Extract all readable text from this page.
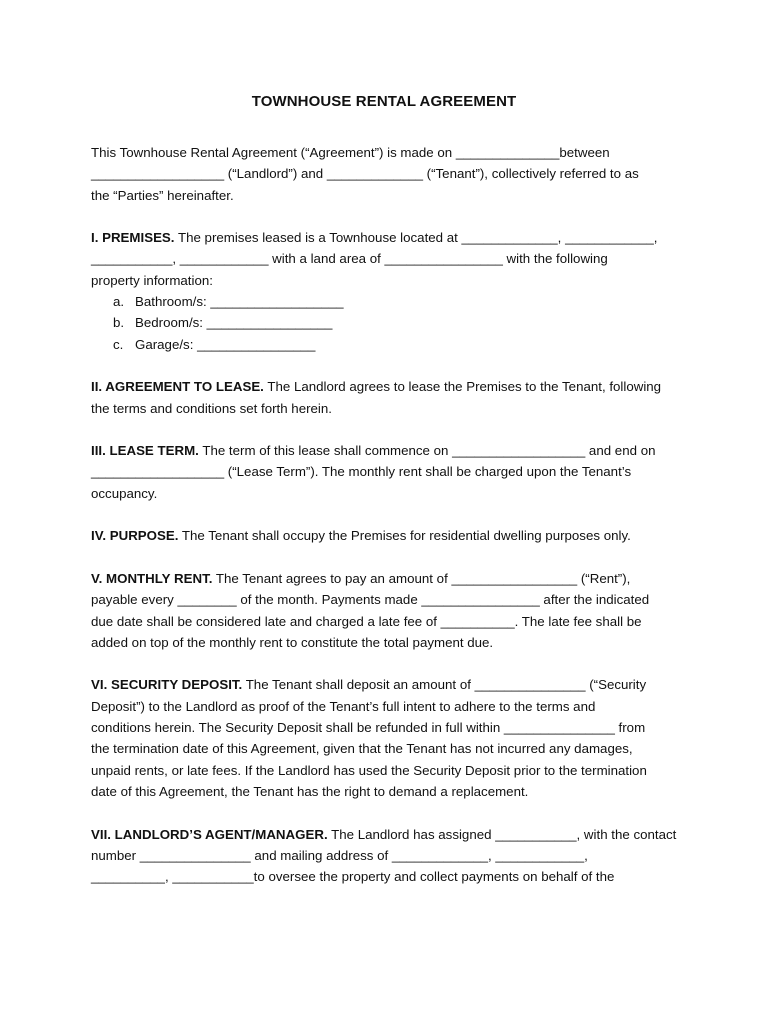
TOWNHOUSE RENTAL AGREEMENT

This Townhouse Rental Agreement (“Agreement”) is made on ______________between
__________________ (“Landlord”) and _____________ (“Tenant”), collectively referred to as
the “Parties” hereinafter.

I. PREMISES. The premises leased is a Townhouse located at _____________, ____________,
___________, ____________ with a land area of ________________ with the following
property information:

a. Bathroom/s: __________________
b. Bedroom/s: _________________
c. Garage/s: ________________

II. AGREEMENT TO LEASE. The Landlord agrees to lease the Premises to the Tenant, following
the terms and conditions set forth herein.

III. LEASE TERM. The term of this lease shall commence on __________________ and end on
__________________ (“Lease Term”). The monthly rent shall be charged upon the Tenant’s
occupancy.

IV. PURPOSE. The Tenant shall occupy the Premises for residential dwelling purposes only.

V. MONTHLY RENT. The Tenant agrees to pay an amount of _________________ (“Rent”),
payable every ________ of the month. Payments made ________________ after the indicated
due date shall be considered late and charged a late fee of __________. The late fee shall be
added on top of the monthly rent to constitute the total payment due.

VI. SECURITY DEPOSIT. The Tenant shall deposit an amount of _______________ (“Security
Deposit”) to the Landlord as proof of the Tenant’s full intent to adhere to the terms and
conditions herein. The Security Deposit shall be refunded in full within _______________ from
the termination date of this Agreement, given that the Tenant has not incurred any damages,
unpaid rents, or late fees. If the Landlord has used the Security Deposit prior to the termination
date of this Agreement, the Tenant has the right to demand a replacement.

VII. LANDLORD’S AGENT/MANAGER. The Landlord has assigned ___________, with the contact
number _______________ and mailing address of _____________, ____________,
__________, ___________to oversee the property and collect payments on behalf of the
